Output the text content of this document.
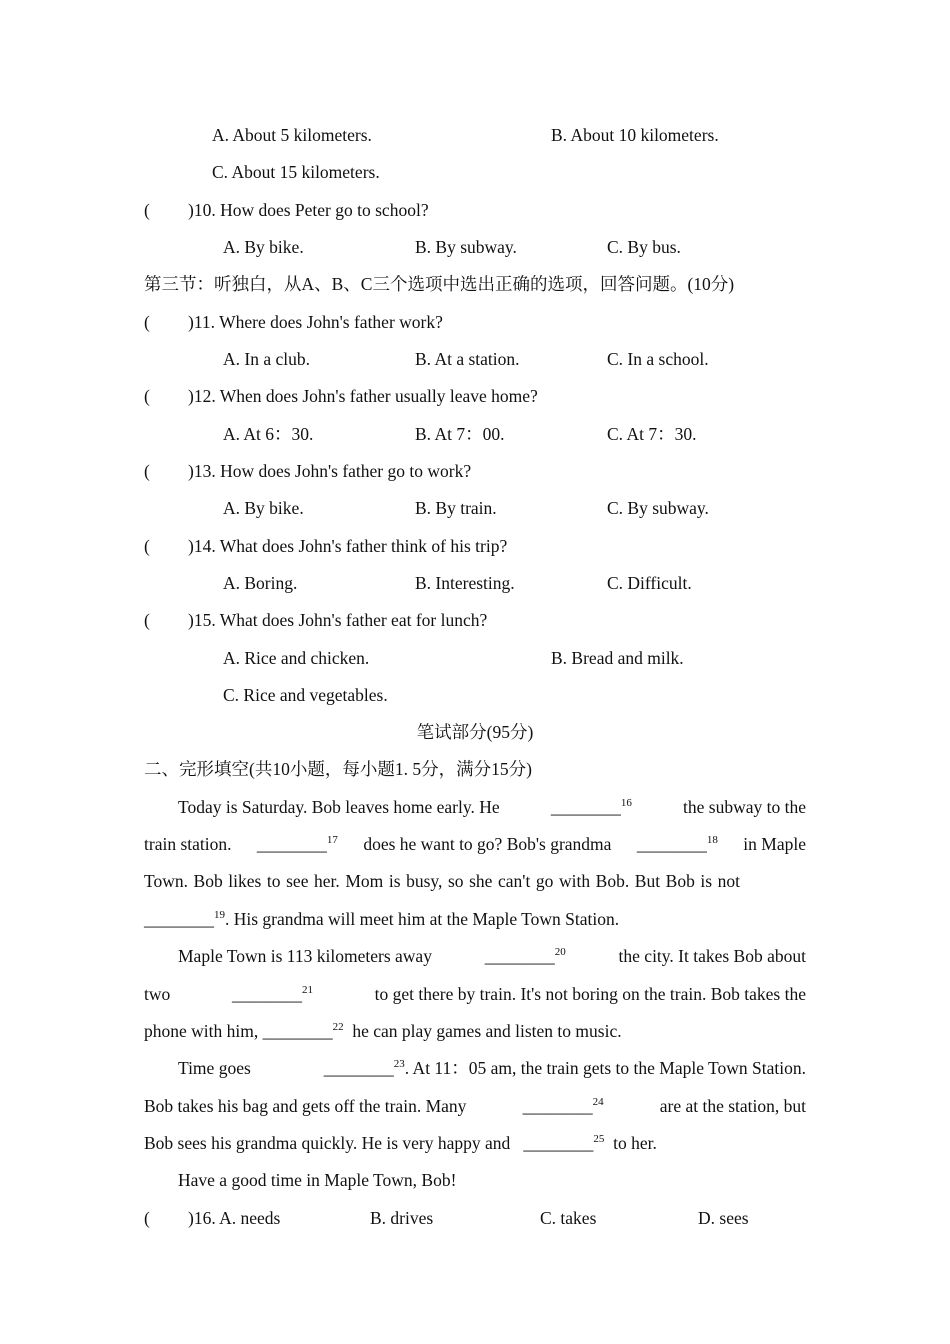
A. About 5 kilometers.	B. About 10 kilometers.
C. About 15 kilometers.
( )10. How does Peter go to school?
A. By bike.	B. By subway.	C. By bus.
第三节：听独白，从A、B、C三个选项中选出正确的选项，回答问题。(10分)
( )11. Where does John's father work?
A. In a club.	B. At a station.	C. In a school.
( )12. When does John's father usually leave home?
A. At 6：30.	B. At 7：00.	C. At 7：30.
( )13. How does John's father go to work?
A. By bike.	B. By train.	C. By subway.
( )14. What does John's father think of his trip?
A. Boring.	B. Interesting.	C. Difficult.
( )15. What does John's father eat for lunch?
A. Rice and chicken.	B. Bread and milk.
C. Rice and vegetables.
笔试部分(95分)
二、完形填空(共10小题，每小题1. 5分，满分15分)
Today is Saturday. Bob leaves home early. He	________$^{16}$	the subway to the
train station. ________$^{17}$ does he want to go? Bob's grandma ________$^{18}$ in Maple
Town. Bob likes to see her. Mom is busy, so she can't go with Bob. But Bob is not
________$^{19}$. His grandma will meet him at the Maple Town Station.
Maple Town is 113 kilometers away	________$^{20}$	the city. It takes Bob about
two	________$^{21}$	to get there by train. It's not boring on the train. Bob takes the
phone with him, ________$^{22}$ he can play games and listen to music.
Time goes	________$^{23}$. At 11：05 am, the train gets to the Maple Town Station.
Bob takes his bag and gets off the train. Many	________$^{24}$	are at the station, but
Bob sees his grandma quickly. He is very happy and ________$^{25}$ to her.
Have a good time in Maple Town, Bob!
( )16. A. needs	B. drives	C. takes	D. sees
